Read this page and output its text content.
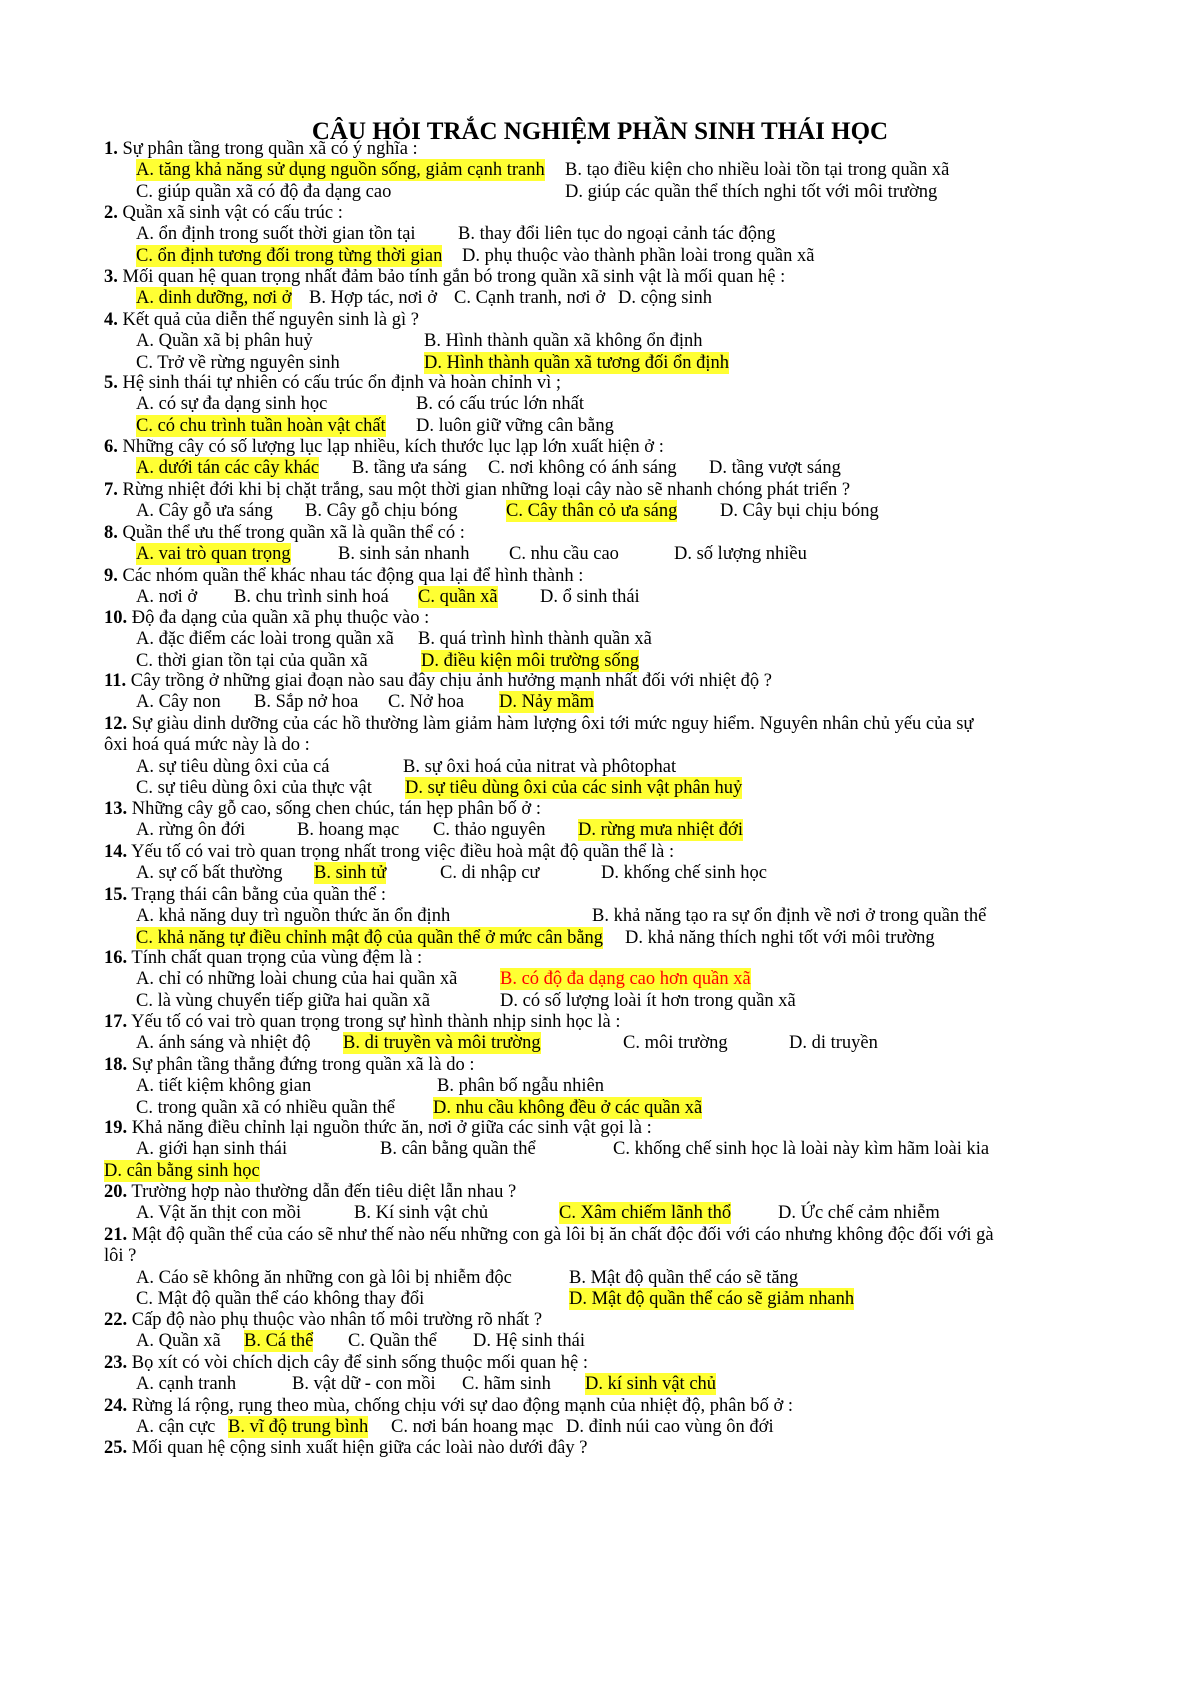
CÂU HỎI TRẮC NGHIỆM PHẦN SINH THÁI HỌC
1. Sự phân tầng trong quần xã có ý nghĩa :
A. tăng khả năng sử dụng nguồn sống, giảm cạnh tranh B. tạo điều kiện cho nhiều loài tồn tại trong quần xã
C. giúp quần xã có độ đa dạng cao	D. giúp các quần thể thích nghi tốt với môi trường
2. Quần xã sinh vật có cấu trúc :
A. ổn định trong suốt thời gian tồn tại B. thay đổi liên tục do ngoại cảnh tác động
C. ổn định tương đối trong từng thời gian D. phụ thuộc vào thành phần loài trong quần xã
3. Mối quan hệ quan trọng nhất đảm bảo tính gắn bó trong quần xã sinh vật là mối quan hệ :
A. dinh dưỡng, nơi ở B. Hợp tác, nơi ở C. Cạnh tranh, nơi ở D. cộng sinh
4. Kết quả của diễn thế nguyên sinh là gì ?
A. Quần xã bị phân huỷ	B. Hình thành quần xã không ổn định
C. Trở về rừng nguyên sinh	D. Hình thành quần xã tương đối ổn định
5. Hệ sinh thái tự nhiên có cấu trúc ổn định và hoàn chỉnh vì ;
A. có sự đa dạng sinh học	B. có cấu trúc lớn nhất
C. có chu trình tuần hoàn vật chất D. luôn giữ vững cân bằng
6. Những cây có số lượng lục lạp nhiều, kích thước lục lạp lớn xuất hiện ở :
A. dưới tán các cây khác B. tầng ưa sáng C. nơi không có ánh sáng D. tầng vượt sáng
7. Rừng nhiệt đới khi bị chặt trắng, sau một thời gian những loại cây nào sẽ nhanh chóng phát triển ?
A. Cây gỗ ưa sáng B. Cây gỗ chịu bóng	C. Cây thân cỏ ưa sáng D. Cây bụi chịu bóng
8. Quần thể ưu thế trong quần xã là quần thể có :
A. vai trò quan trọng	B. sinh sản nhanh C. nhu cầu cao	D. số lượng nhiều
9. Các nhóm quần thể khác nhau tác động qua lại để hình thành :
A. nơi ở B. chu trình sinh hoá C. quần xã D. ổ sinh thái
10. Độ đa dạng của quần xã phụ thuộc vào :
A. đặc điểm các loài trong quần xã B. quá trình hình thành quần xã
C. thời gian tồn tại của quần xã	D. điều kiện môi trường sống
11. Cây trồng ở những giai đoạn nào sau đây chịu ảnh hưởng mạnh nhất đối với nhiệt độ ?
A. Cây non B. Sắp nở hoa C. Nở hoa D. Nảy mầm
12. Sự giàu dinh dưỡng của các hồ thường làm giảm hàm lượng ôxi tới mức nguy hiểm. Nguyên nhân chủ yếu của sự
ôxi hoá quá mức này là do :
A. sự tiêu dùng ôxi của cá	B. sự ôxi hoá của nitrat và phôtophat
C. sự tiêu dùng ôxi của thực vật D. sự tiêu dùng ôxi của các sinh vật phân huỷ
13. Những cây gỗ cao, sống chen chúc, tán hẹp phân bố ở :
A. rừng ôn đới	B. hoang mạc C. thảo nguyên D. rừng mưa nhiệt đới
14. Yếu tố có vai trò quan trọng nhất trong việc điều hoà mật độ quần thể là :
A. sự cố bất thường B. sinh tử	C. di nhập cư	D. khống chế sinh học
15. Trạng thái cân bằng của quần thể :
A. khả năng duy trì nguồn thức ăn ổn định	B. khả năng tạo ra sự ổn định về nơi ở trong quần thể
C. khả năng tự điều chỉnh mật độ của quần thể ở mức cân bằng D. khả năng thích nghi tốt với môi trường
16. Tính chất quan trọng của vùng đệm là :
A. chỉ có những loài chung của hai quần xã B. có độ đa dạng cao hơn quần xã
C. là vùng chuyển tiếp giữa hai quần xã	D. có số lượng loài ít hơn trong quần xã
17. Yếu tố có vai trò quan trọng trong sự hình thành nhịp sinh học là :
A. ánh sáng và nhiệt độ B. di truyền và môi trường	C. môi trường	D. di truyền
18. Sự phân tầng thẳng đứng trong quần xã là do :
A. tiết kiệm không gian	B. phân bố ngẫu nhiên
C. trong quần xã có nhiều quần thể D. nhu cầu không đều ở các quần xã
19. Khả năng điều chỉnh lại nguồn thức ăn, nơi ở giữa các sinh vật gọi là :
A. giới hạn sinh thái	B. cân bằng quần thể	C. khống chế sinh học là loài này kìm hãm loài kia
D. cân bằng sinh học
20. Trường hợp nào thường dẫn đến tiêu diệt lẫn nhau ?
A. Vật ăn thịt con mồi	B. Kí sinh vật chủ	C. Xâm chiếm lãnh thổ	D. Ức chế cảm nhiễm
21. Mật độ quần thể của cáo sẽ như thế nào nếu những con gà lôi bị ăn chất độc đối với cáo nhưng không độc đối với gà
lôi ?
A. Cáo sẽ không ăn những con gà lôi bị nhiễm độc	B. Mật độ quần thể cáo sẽ tăng
C. Mật độ quần thể cáo không thay đổi	D. Mật độ quần thể cáo sẽ giảm nhanh
22. Cấp độ nào phụ thuộc vào nhân tố môi trường rõ nhất ?
A. Quần xã B. Cá thể C. Quần thể D. Hệ sinh thái
23. Bọ xít có vòi chích dịch cây để sinh sống thuộc mối quan hệ :
A. cạnh tranh	B. vật dữ - con mồi C. hãm sinh D. kí sinh vật chủ
24. Rừng lá rộng, rụng theo mùa, chống chịu với sự dao động mạnh của nhiệt độ, phân bố ở :
A. cận cực B. vĩ độ trung bình C. nơi bán hoang mạc D. đỉnh núi cao vùng ôn đới
25. Mối quan hệ cộng sinh xuất hiện giữa các loài nào dưới đây ?
